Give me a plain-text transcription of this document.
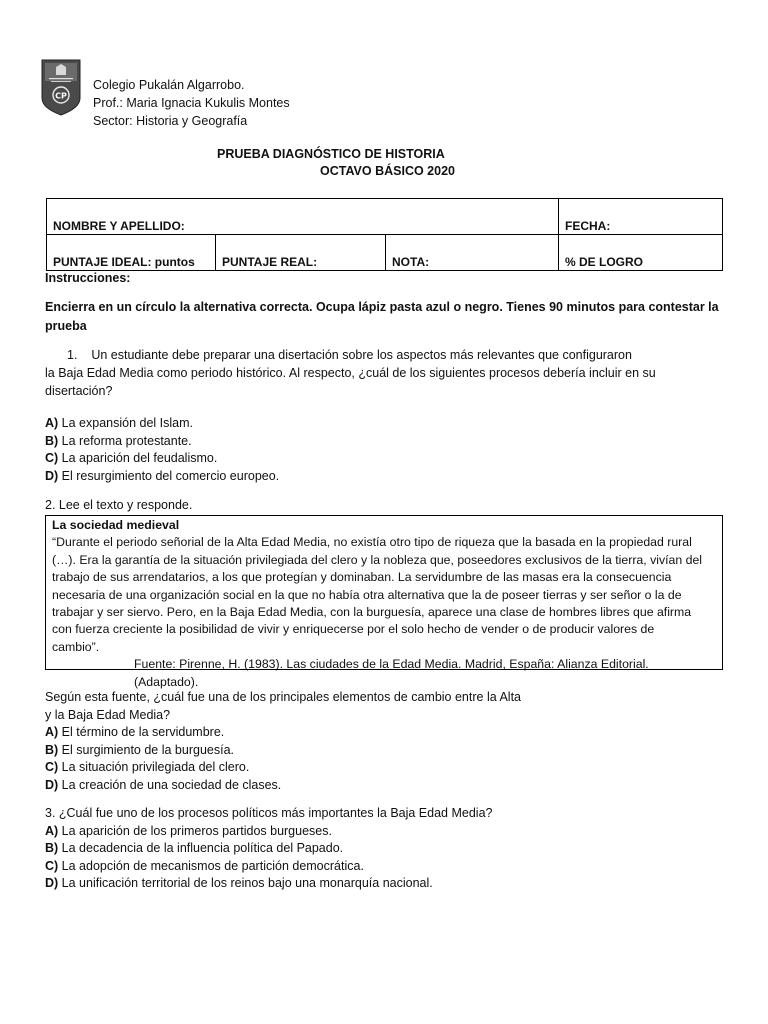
CP
Colegio Pukalán Algarrobo.
Prof.: Maria Ignacia Kukulis Montes
Sector: Historia y Geografía
PRUEBA DIAGNÓSTICO DE HISTORIA
OCTAVO BÁSICO 2020
NOMBRE Y APELLIDO:			FECHA:
PUNTAJE IDEAL: puntos	PUNTAJE REAL:	NOTA:	% DE LOGRO
Instrucciones:
Encierra en un círculo la alternativa correcta. Ocupa lápiz pasta azul o negro. Tienes 90 minutos para contestar la prueba
1. Un estudiante debe preparar una disertación sobre los aspectos más relevantes que configuraron
la Baja Edad Media como periodo histórico. Al respecto, ¿cuál de los siguientes procesos debería incluir en su
disertación?
A) La expansión del Islam.
B) La reforma protestante.
C) La aparición del feudalismo.
D) El resurgimiento del comercio europeo.
2. Lee el texto y responde.
La sociedad medieval
“Durante el periodo señorial de la Alta Edad Media, no existía otro tipo de riqueza que la basada en la propiedad rural
(…). Era la garantía de la situación privilegiada del clero y la nobleza que, poseedores exclusivos de la tierra, vivían del
trabajo de sus arrendatarios, a los que protegían y dominaban. La servidumbre de las masas era la consecuencia
necesaria de una organización social en la que no había otra alternativa que la de poseer tierras y ser señor o la de
trabajar y ser siervo. Pero, en la Baja Edad Media, con la burguesía, aparece una clase de hombres libres que afirma
con fuerza creciente la posibilidad de vivir y enriquecerse por el solo hecho de vender o de producir valores de
cambio”.
Fuente: Pirenne, H. (1983). Las ciudades de la Edad Media. Madrid, España: Alianza Editorial. (Adaptado).
Según esta fuente, ¿cuál fue una de los principales elementos de cambio entre la Alta
y la Baja Edad Media?
A) El término de la servidumbre.
B) El surgimiento de la burguesía.
C) La situación privilegiada del clero.
D) La creación de una sociedad de clases.
3. ¿Cuál fue uno de los procesos políticos más importantes la Baja Edad Media?
A) La aparición de los primeros partidos burgueses.
B) La decadencia de la influencia política del Papado.
C) La adopción de mecanismos de partición democrática.
D) La unificación territorial de los reinos bajo una monarquía nacional.
